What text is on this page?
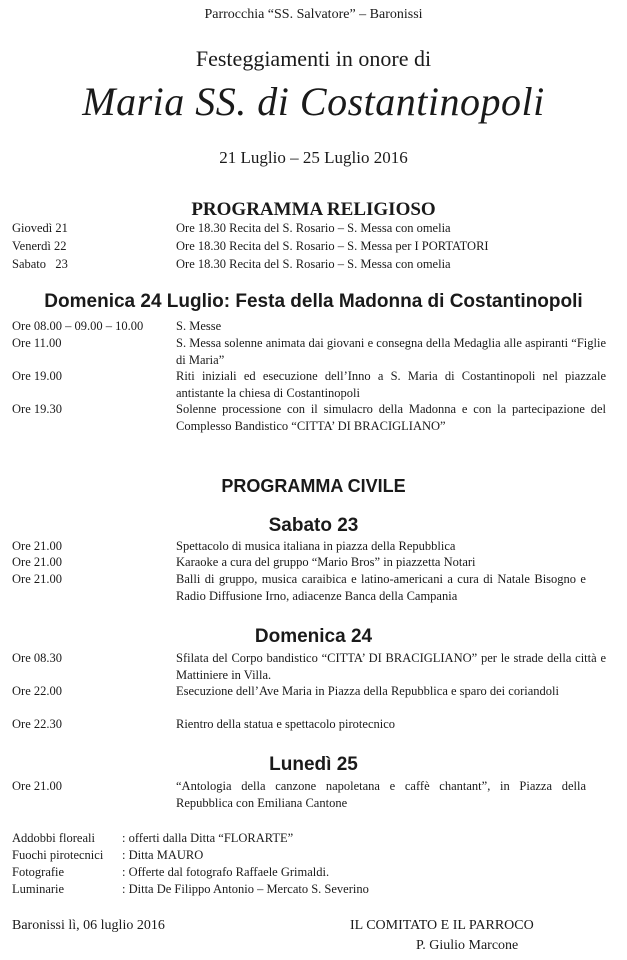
Parrocchia “SS. Salvatore” – Baronissi
Festeggiamenti in onore di
Maria SS. di Costantinopoli
21 Luglio – 25 Luglio 2016
PROGRAMMA RELIGIOSO
Giovedì 21	Ore 18.30 Recita del S. Rosario – S. Messa con omelia
Venerdì 22	Ore 18.30 Recita del S. Rosario – S. Messa per I PORTATORI
Sabato   23	Ore 18.30 Recita del S. Rosario – S. Messa con omelia
Domenica 24 Luglio: Festa della Madonna di Costantinopoli
Ore 08.00 – 09.00 – 10.00	S. Messe
Ore 11.00	S. Messa solenne animata dai giovani e consegna della Medaglia alle aspiranti “Figlie di Maria”
Ore 19.00	Riti iniziali ed esecuzione dell’Inno a S. Maria di Costantinopoli nel piazzale antistante la chiesa di Costantinopoli
Ore 19.30	Solenne processione con il simulacro della Madonna e con la partecipazione del Complesso Bandistico “CITTA’ DI BRACIGLIANO”
PROGRAMMA CIVILE
Sabato 23
Ore 21.00	Spettacolo di musica italiana in piazza della Repubblica
Ore 21.00	Karaoke a cura del gruppo “Mario Bros” in piazzetta Notari
Ore 21.00	Balli di gruppo, musica caraibica e latino-americani a cura di Natale Bisogno e Radio Diffusione Irno, adiacenze Banca della Campania
Domenica 24
Ore 08.30	Sfilata del Corpo bandistico “CITTA’ DI BRACIGLIANO” per le strade della città e Mattiniere in Villa.
Ore 22.00	Esecuzione dell’Ave Maria in Piazza della Repubblica e sparo dei coriandoli
Ore 22.30	Rientro della statua e spettacolo pirotecnico
Lunedì 25
Ore 21.00	“Antologia della canzone napoletana e caffè chantant”, in Piazza della Repubblica con Emiliana Cantone
Addobbi floreali : offerti dalla Ditta “FLORARTE”
Fuochi pirotecnici : Ditta MAURO
Fotografie	: Offerte dal fotografo Raffaele Grimaldi.
Luminarie	: Ditta De Filippo Antonio – Mercato S. Severino
Baronissi lì, 06 luglio 2016	IL COMITATO E IL PARROCO
P. Giulio Marcone
